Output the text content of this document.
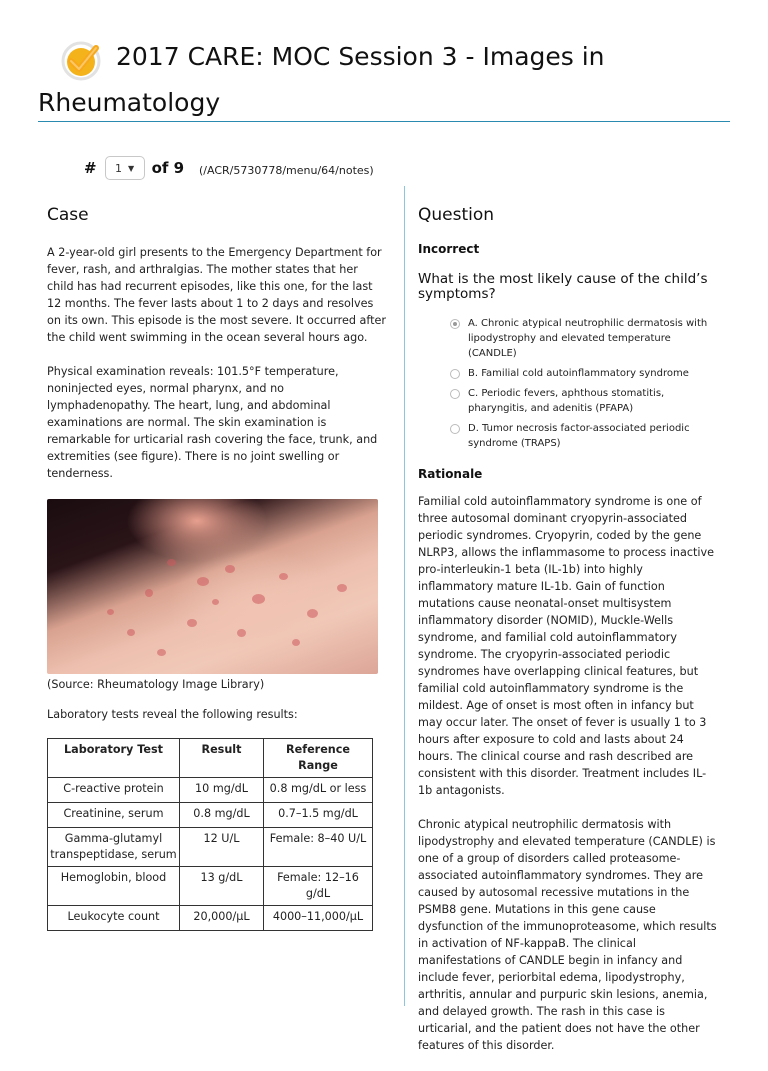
2017 CARE: MOC Session 3 - Images in
Rheumatology
# 1 ▼ of 9 (/ACR/5730778/menu/64/notes)
Case

A 2-year-old girl presents to the Emergency Department for fever, rash, and arthralgias. The mother states that her child has had recurrent episodes, like this one, for the last 12 months. The fever lasts about 1 to 2 days and resolves on its own. This episode is the most severe. It occurred after the child went swimming in the ocean several hours ago.

Physical examination reveals: 101.5°F temperature, noninjected eyes, normal pharynx, and no lymphadenopathy. The heart, lung, and abdominal examinations are normal. The skin examination is remarkable for urticarial rash covering the face, trunk, and extremities (see figure). There is no joint swelling or tenderness.

(Source: Rheumatology Image Library)

Laboratory tests reveal the following results:

Laboratory Test	Result	Reference Range
C-reactive protein	10 mg/dL	0.8 mg/dL or less
Creatinine, serum	0.8 mg/dL	0.7–1.5 mg/dL
Gamma-glutamyl transpeptidase, serum	12 U/L	Female: 8–40 U/L
Hemoglobin, blood	13 g/dL	Female: 12–16 g/dL
Leukocyte count	20,000/µL	4000–11,000/µL
Question
Incorrect
What is the most likely cause of the child’s symptoms?
A. Chronic atypical neutrophilic dermatosis with lipodystrophy and elevated temperature (CANDLE)
B. Familial cold autoinflammatory syndrome
C. Periodic fevers, aphthous stomatitis, pharyngitis, and adenitis (PFAPA)
D. Tumor necrosis factor-associated periodic syndrome (TRAPS)
Rationale

Familial cold autoinflammatory syndrome is one of three autosomal dominant cryopyrin-associated periodic syndromes. Cryopyrin, coded by the gene NLRP3, allows the inflammasome to process inactive pro-interleukin-1 beta (IL-1b) into highly inflammatory mature IL-1b. Gain of function mutations cause neonatal-onset multisystem inflammatory disorder (NOMID), Muckle-Wells syndrome, and familial cold autoinflammatory syndrome. The cryopyrin-associated periodic syndromes have overlapping clinical features, but familial cold autoinflammatory syndrome is the mildest. Age of onset is most often in infancy but may occur later. The onset of fever is usually 1 to 3 hours after exposure to cold and lasts about 24 hours. The clinical course and rash described are consistent with this disorder. Treatment includes IL-1b antagonists.

Chronic atypical neutrophilic dermatosis with lipodystrophy and elevated temperature (CANDLE) is one of a group of disorders called proteasome-associated autoinflammatory syndromes. They are caused by autosomal recessive mutations in the PSMB8 gene. Mutations in this gene cause dysfunction of the immunoproteasome, which results in activation of NF-kappaB. The clinical manifestations of CANDLE begin in infancy and include fever, periorbital edema, lipodystrophy, arthritis, annular and purpuric skin lesions, anemia, and delayed growth. The rash in this case is urticarial, and the patient does not have the other features of this disorder.
